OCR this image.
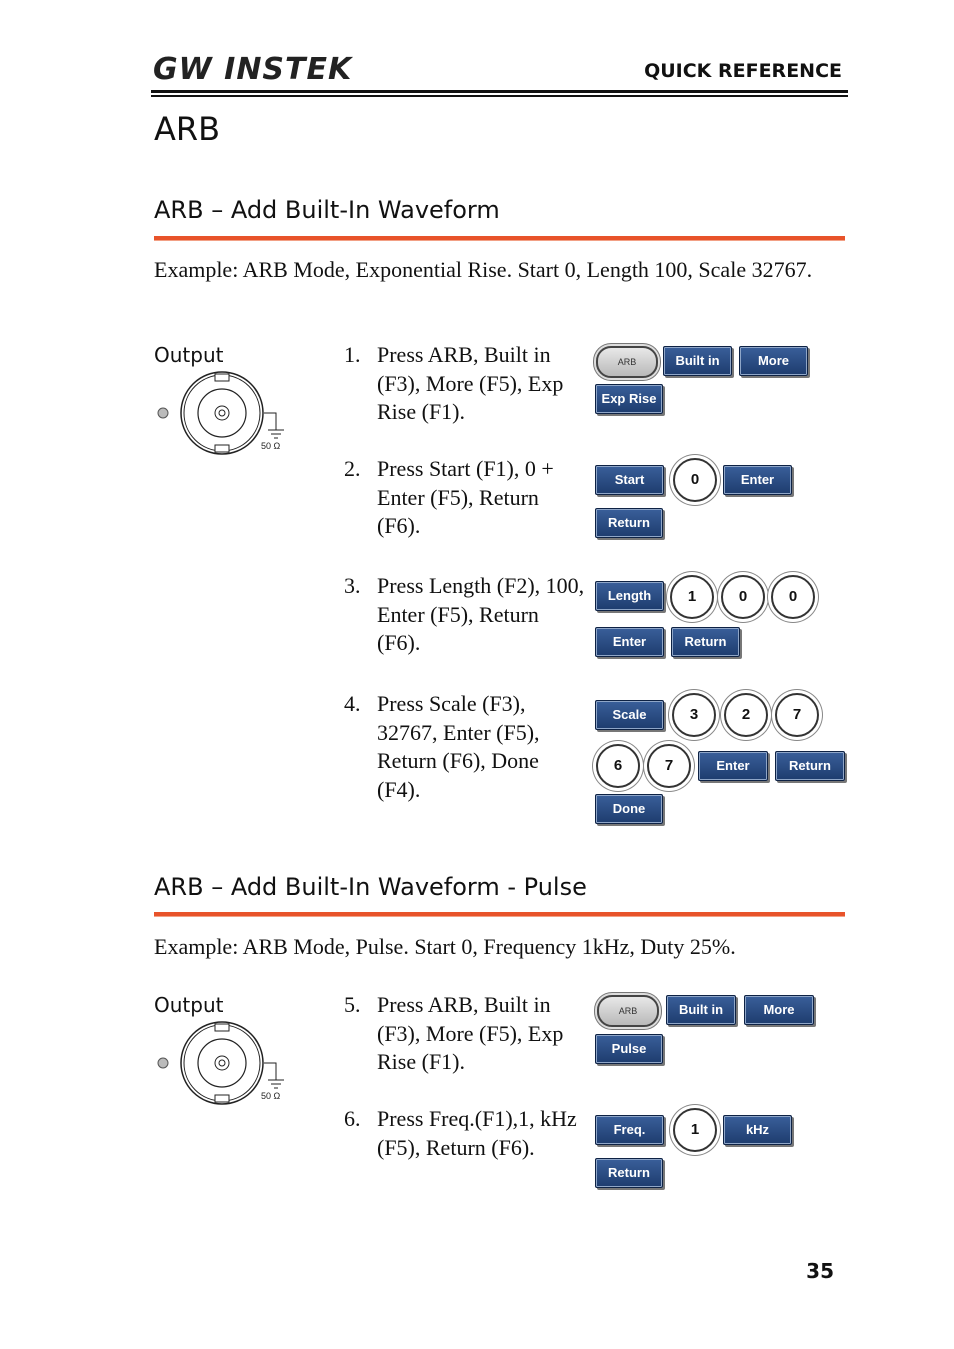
GW INSTEK	QUICK REFERENCE
ARB
ARB – Add Built-In Waveform
Example: ARB Mode, Exponential Rise. Start 0, Length 100, Scale 32767.
Output
50 Ω
1. Press ARB, Built in (F3), More (F5), Exp Rise (F1).
ARB	Built in	More
Exp Rise
2. Press Start (F1), 0 + Enter (F5), Return (F6).
Start	0	Enter
Return
3. Press Length (F2), 100, Enter (F5), Return (F6).
Length	1	0	0
Enter	Return
4. Press Scale (F3), 32767, Enter (F5), Return (F6), Done (F4).
Scale	3	2	7
6	7	Enter	Return
Done
ARB – Add Built-In Waveform - Pulse
Example: ARB Mode, Pulse. Start 0, Frequency 1kHz, Duty 25%.
Output
50 Ω
5. Press ARB, Built in (F3), More (F5), Exp Rise (F1).
ARB	Built in	More
Pulse
6. Press Freq.(F1),1, kHz (F5), Return (F6).
Freq.	1	kHz
Return
35
